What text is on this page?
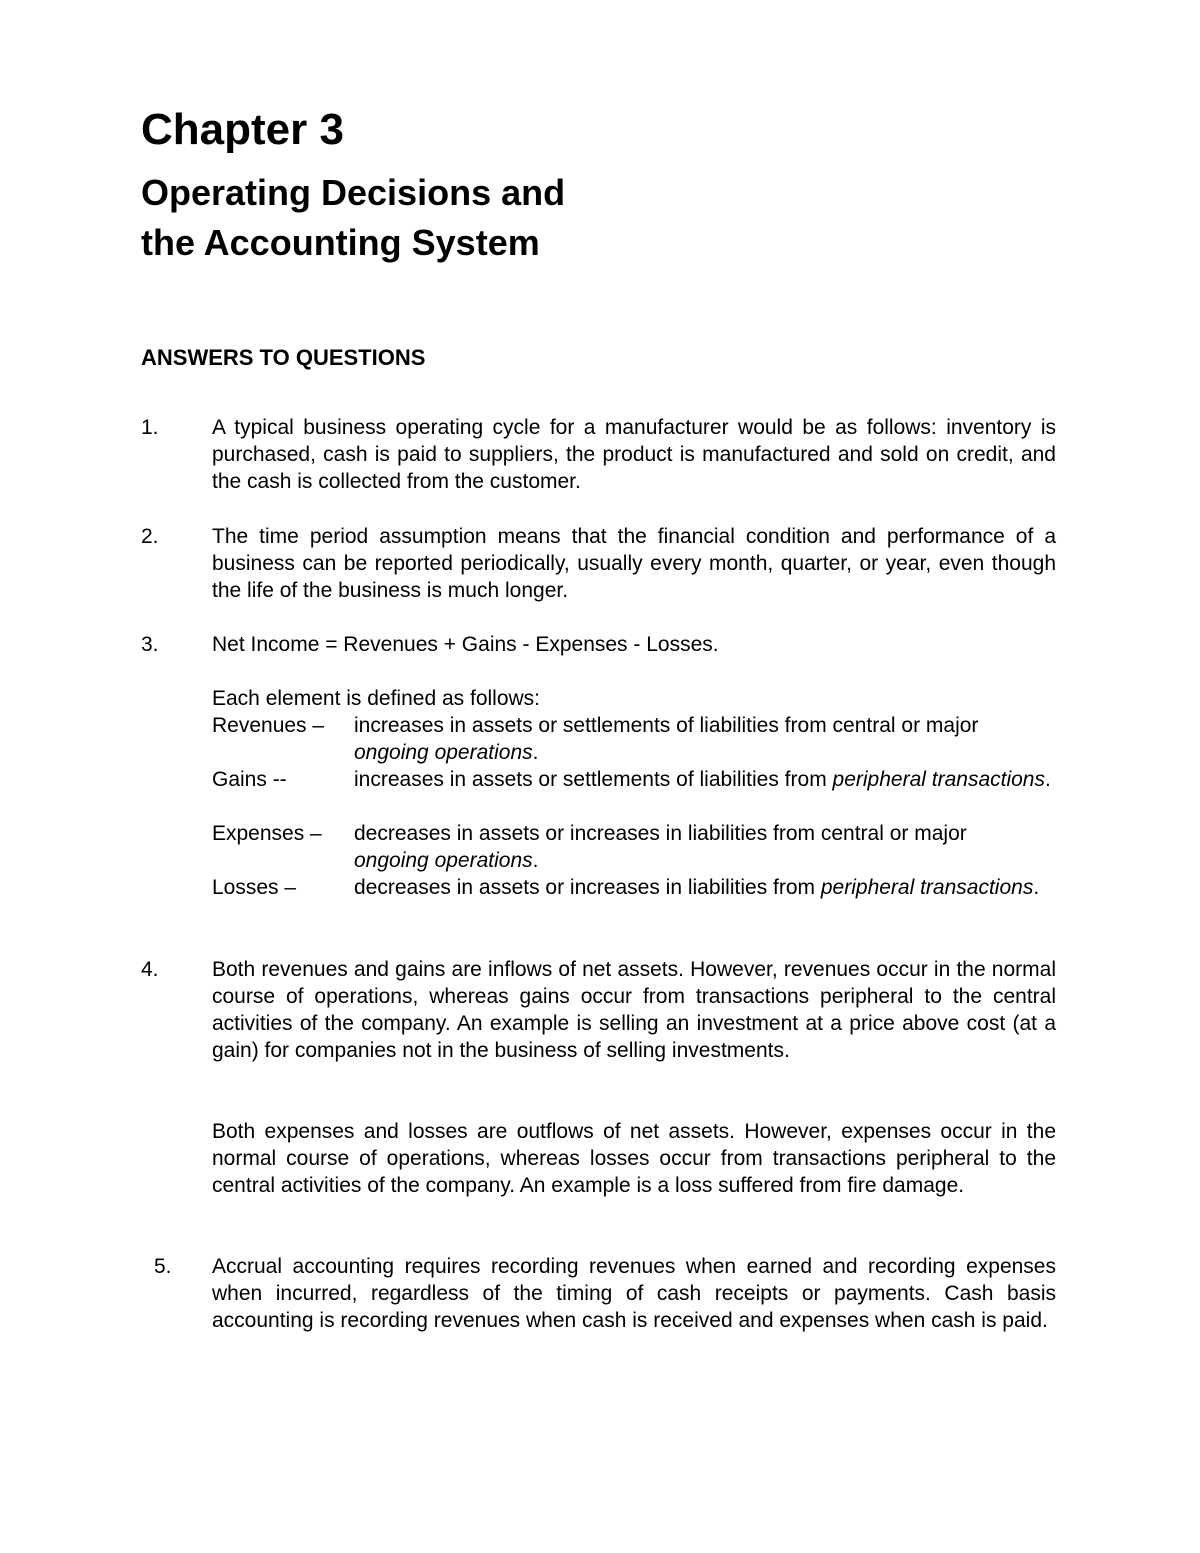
Chapter 3
Operating Decisions and
the Accounting System
ANSWERS TO QUESTIONS
1.	A typical business operating cycle for a manufacturer would be as follows: inventory is purchased, cash is paid to suppliers, the product is manufactured and sold on credit, and the cash is collected from the customer.

2.	The time period assumption means that the financial condition and performance of a business can be reported periodically, usually every month, quarter, or year, even though the life of the business is much longer.

3.	Net Income = Revenues + Gains - Expenses - Losses.
Each element is defined as follows:
Revenues – increases in assets or settlements of liabilities from central or major
ongoing operations.

Gains --	increases in assets or settlements of liabilities from peripheral transactions.

Expenses – decreases in assets or increases in liabilities from central or major
ongoing operations.

Losses –	decreases in assets or increases in liabilities from peripheral transactions.

4.	Both revenues and gains are inflows of net assets. However, revenues occur in the normal course of operations, whereas gains occur from transactions peripheral to the central activities of the company. An example is selling an investment at a price above cost (at a gain) for companies not in the business of selling investments.

Both expenses and losses are outflows of net assets. However, expenses occur in the normal course of operations, whereas losses occur from transactions peripheral to the central activities of the company. An example is a loss suffered from fire damage.

5. Accrual accounting requires recording revenues when earned and recording expenses when incurred, regardless of the timing of cash receipts or payments. Cash basis accounting is recording revenues when cash is received and expenses when cash is paid.
